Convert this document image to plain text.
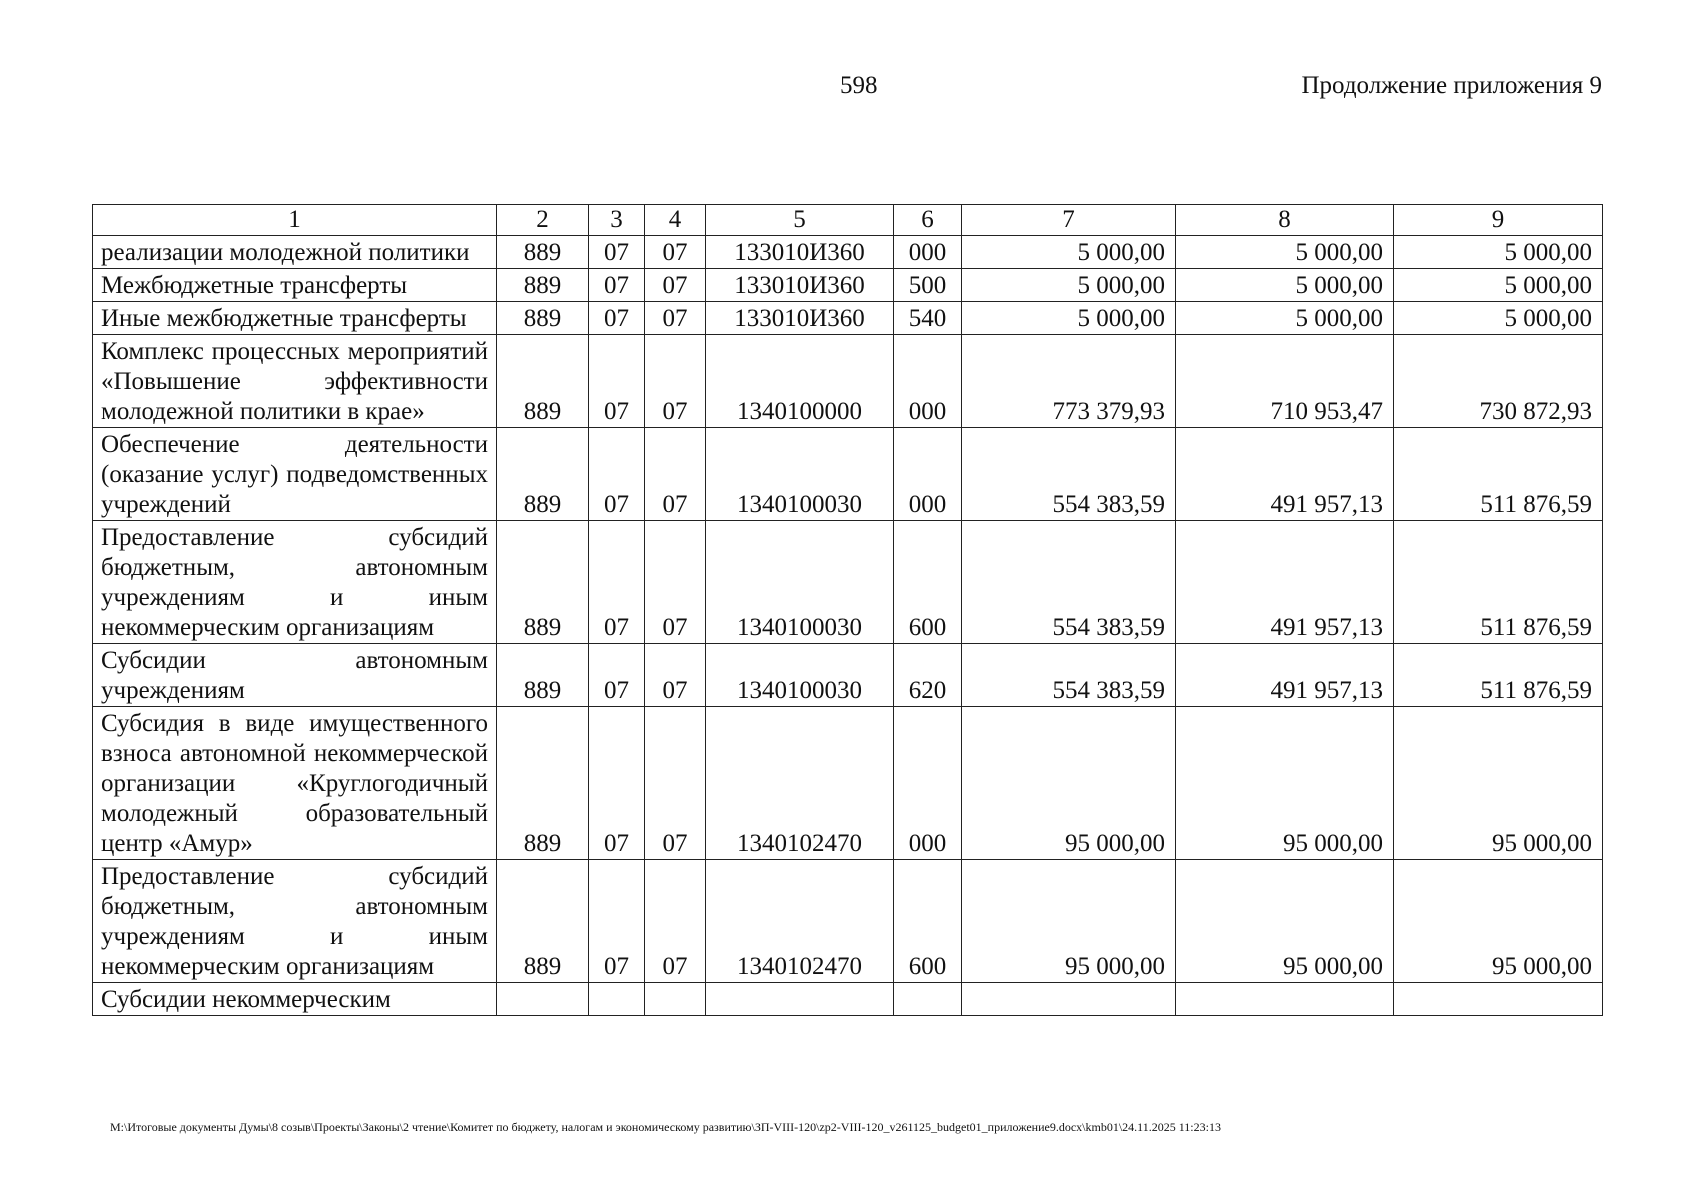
598	Продолжение приложения 9
1	2	3	4	5	6	7	8	9
реализации молодежной политики	889	07	07	133010И360	000	5 000,00	5 000,00	5 000,00
Межбюджетные трансферты	889	07	07	133010И360	500	5 000,00	5 000,00	5 000,00
Иные межбюджетные трансферты	889	07	07	133010И360	540	5 000,00	5 000,00	5 000,00
Комплекс процессных мероприятий «Повышение эффективности молодежной политики в крае»	889	07	07	1340100000	000	773 379,93	710 953,47	730 872,93
Обеспечение деятельности (оказание услуг) подведомственных учреждений	889	07	07	1340100030	000	554 383,59	491 957,13	511 876,59
Предоставление субсидий бюджетным, автономным учреждениям и иным некоммерческим организациям	889	07	07	1340100030	600	554 383,59	491 957,13	511 876,59
Субсидии автономным учреждениям	889	07	07	1340100030	620	554 383,59	491 957,13	511 876,59
Субсидия в виде имущественного взноса автономной некоммерческой организации «Круглогодичный молодежный образовательный центр «Амур»	889	07	07	1340102470	000	95 000,00	95 000,00	95 000,00
Предоставление субсидий бюджетным, автономным учреждениям и иным некоммерческим организациям	889	07	07	1340102470	600	95 000,00	95 000,00	95 000,00
Субсидии некоммерческим								
M:\Итоговые документы Думы\8 созыв\Проекты\Законы\2 чтение\Комитет по бюджету, налогам и экономическому развитию\ЗП-VIII-120\zp2-VIII-120_v261125_budget01_приложение9.docx\kmb01\24.11.2025 11:23:13
